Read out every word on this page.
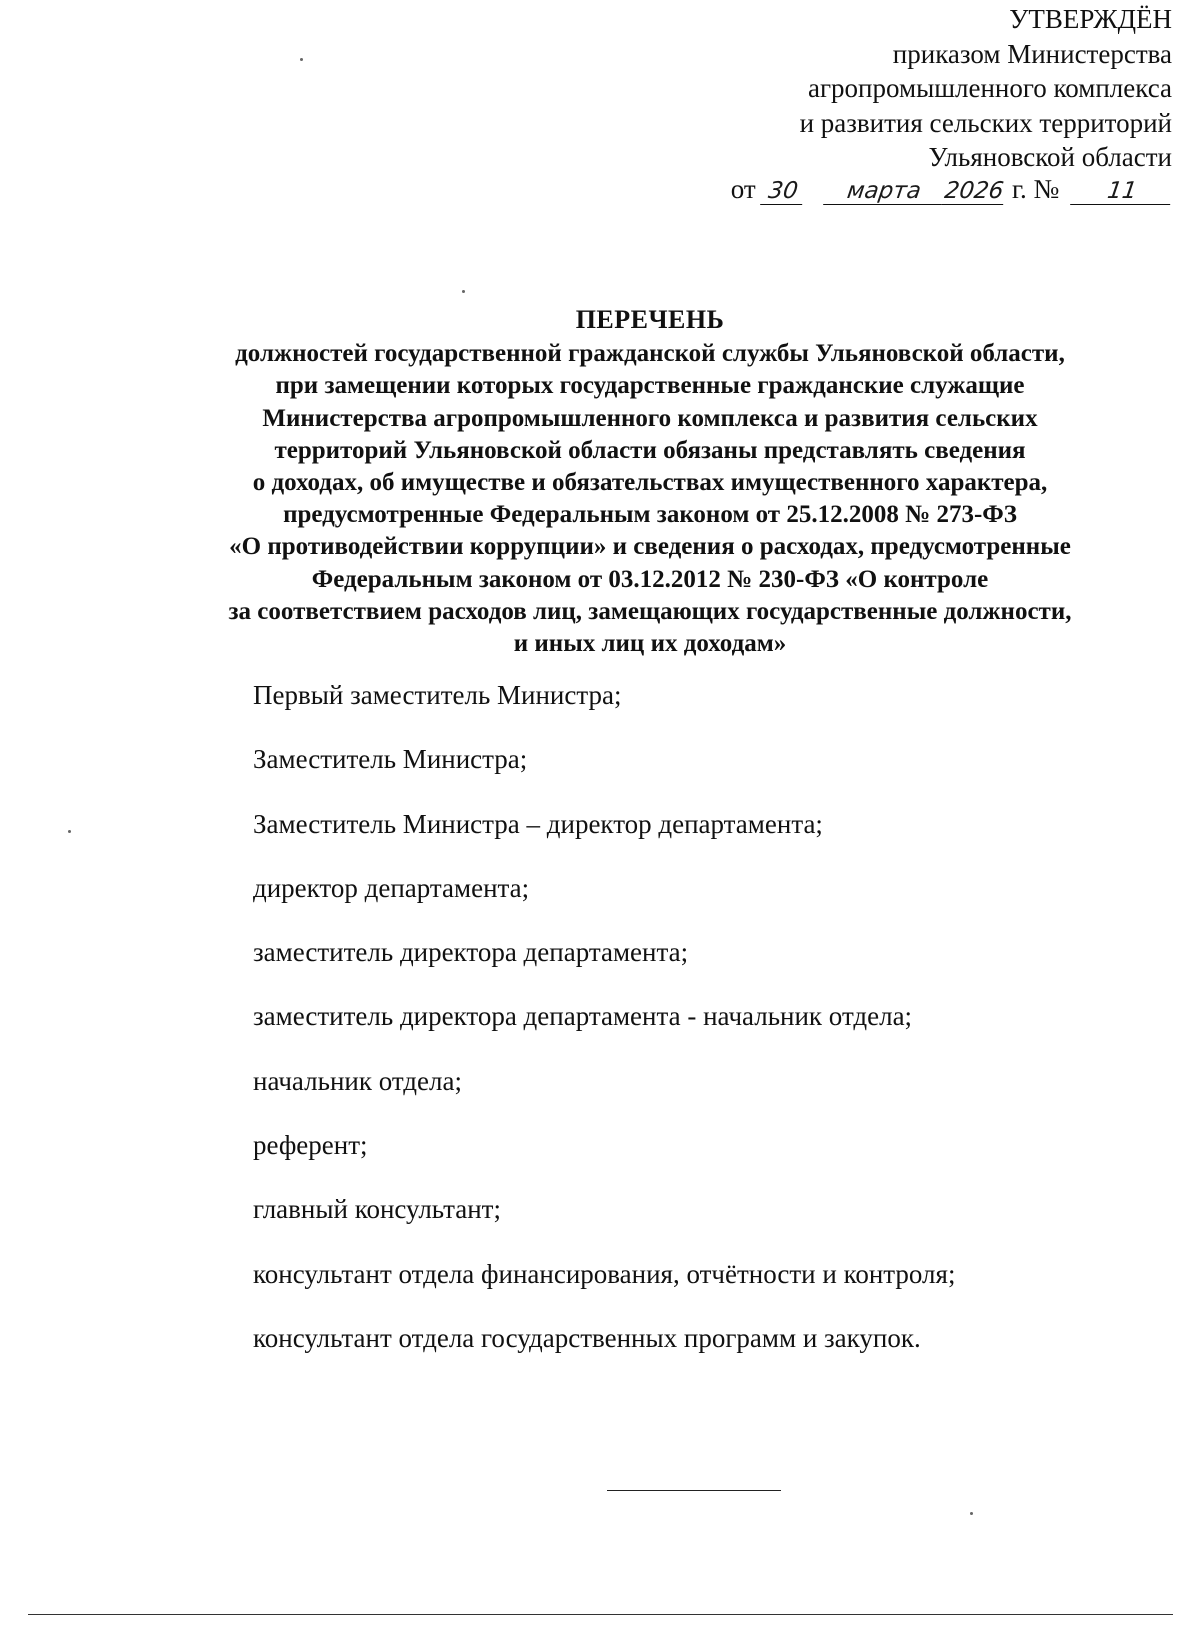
УТВЕРЖДЁН
приказом Министерства
агропромышленного комплекса
и развития сельских территорий
Ульяновской области
от 30 марта 2026 г. № 11
ПЕРЕЧЕНЬ
должностей государственной гражданской службы Ульяновской области,
при замещении которых государственные гражданские служащие
Министерства агропромышленного комплекса и развития сельских
территорий Ульяновской области обязаны представлять сведения
о доходах, об имуществе и обязательствах имущественного характера,
предусмотренные Федеральным законом от 25.12.2008 № 273-ФЗ
«О противодействии коррупции» и сведения о расходах, предусмотренные
Федеральным законом от 03.12.2012 № 230-ФЗ «О контроле
за соответствием расходов лиц, замещающих государственные должности,
и иных лиц их доходам»
Первый заместитель Министра;
Заместитель Министра;
Заместитель Министра – директор департамента;
директор департамента;
заместитель директора департамента;
заместитель директора департамента - начальник отдела;
начальник отдела;
референт;
главный консультант;
консультант отдела финансирования, отчётности и контроля;
консультант отдела государственных программ и закупок.
